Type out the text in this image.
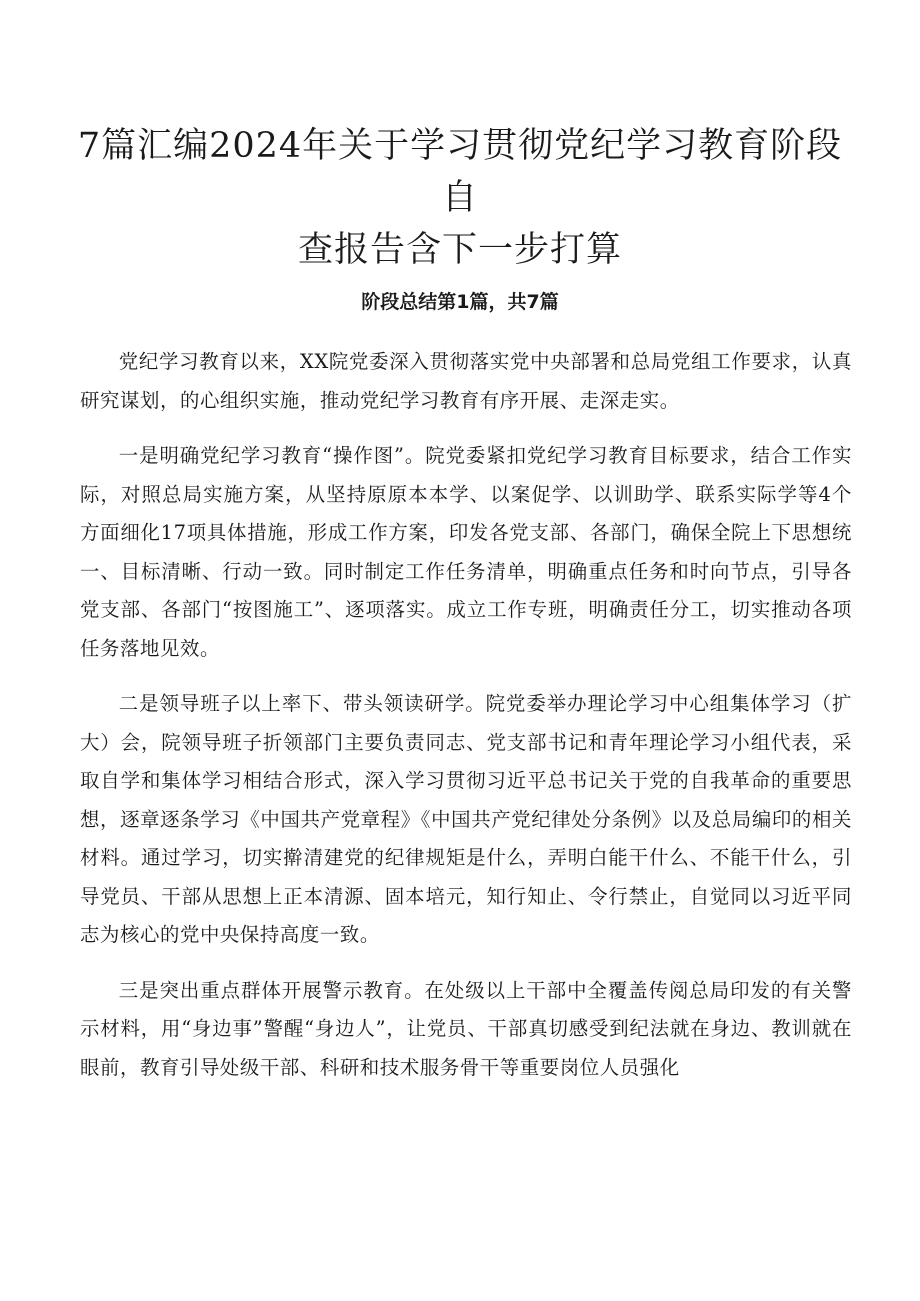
7篇汇编2024年关于学习贯彻党纪学习教育阶段自
查报告含下一步打算
阶段总结第1篇，共7篇

党纪学习教育以来，XX院党委深入贯彻落实党中央部署和总局党组工作要求，认真研究谋划，的心组织实施，推动党纪学习教育有序开展、走深走实。

一是明确党纪学习教育“操作图”。院党委紧扣党纪学习教育目标要求，结合工作实际，对照总局实施方案，从坚持原原本本学、以案促学、以训助学、联系实际学等4个方面细化17项具体措施，形成工作方案，印发各党支部、各部门，确保全院上下思想统一、目标清晰、行动一致。同时制定工作任务清单，明确重点任务和时向节点，引导各党支部、各部门“按图施工”、逐项落实。成立工作专班，明确责任分工，切实推动各项任务落地见效。

二是领导班子以上率下、带头领读研学。院党委举办理论学习中心组集体学习（扩大）会，院领导班子折领部门主要负责同志、党支部书记和青年理论学习小组代表，采取自学和集体学习相结合形式，深入学习贯彻习近平总书记关于党的自我革命的重要思想，逐章逐条学习《中国共产党章程》《中国共产党纪律处分条例》以及总局编印的相关材料。通过学习，切实擀清建党的纪律规矩是什么，弄明白能干什么、不能干什么，引导党员、干部从思想上正本清源、固本培元，知行知止、令行禁止，自觉同以习近平同志为核心的党中央保持高度一致。

三是突出重点群体开展警示教育。在处级以上干部中全覆盖传阅总局印发的有关警示材料，用“身边事”警醒“身边人”，让党员、干部真切感受到纪法就在身边、教训就在眼前，教育引导处级干部、科研和技术服务骨干等重要岗位人员强化
